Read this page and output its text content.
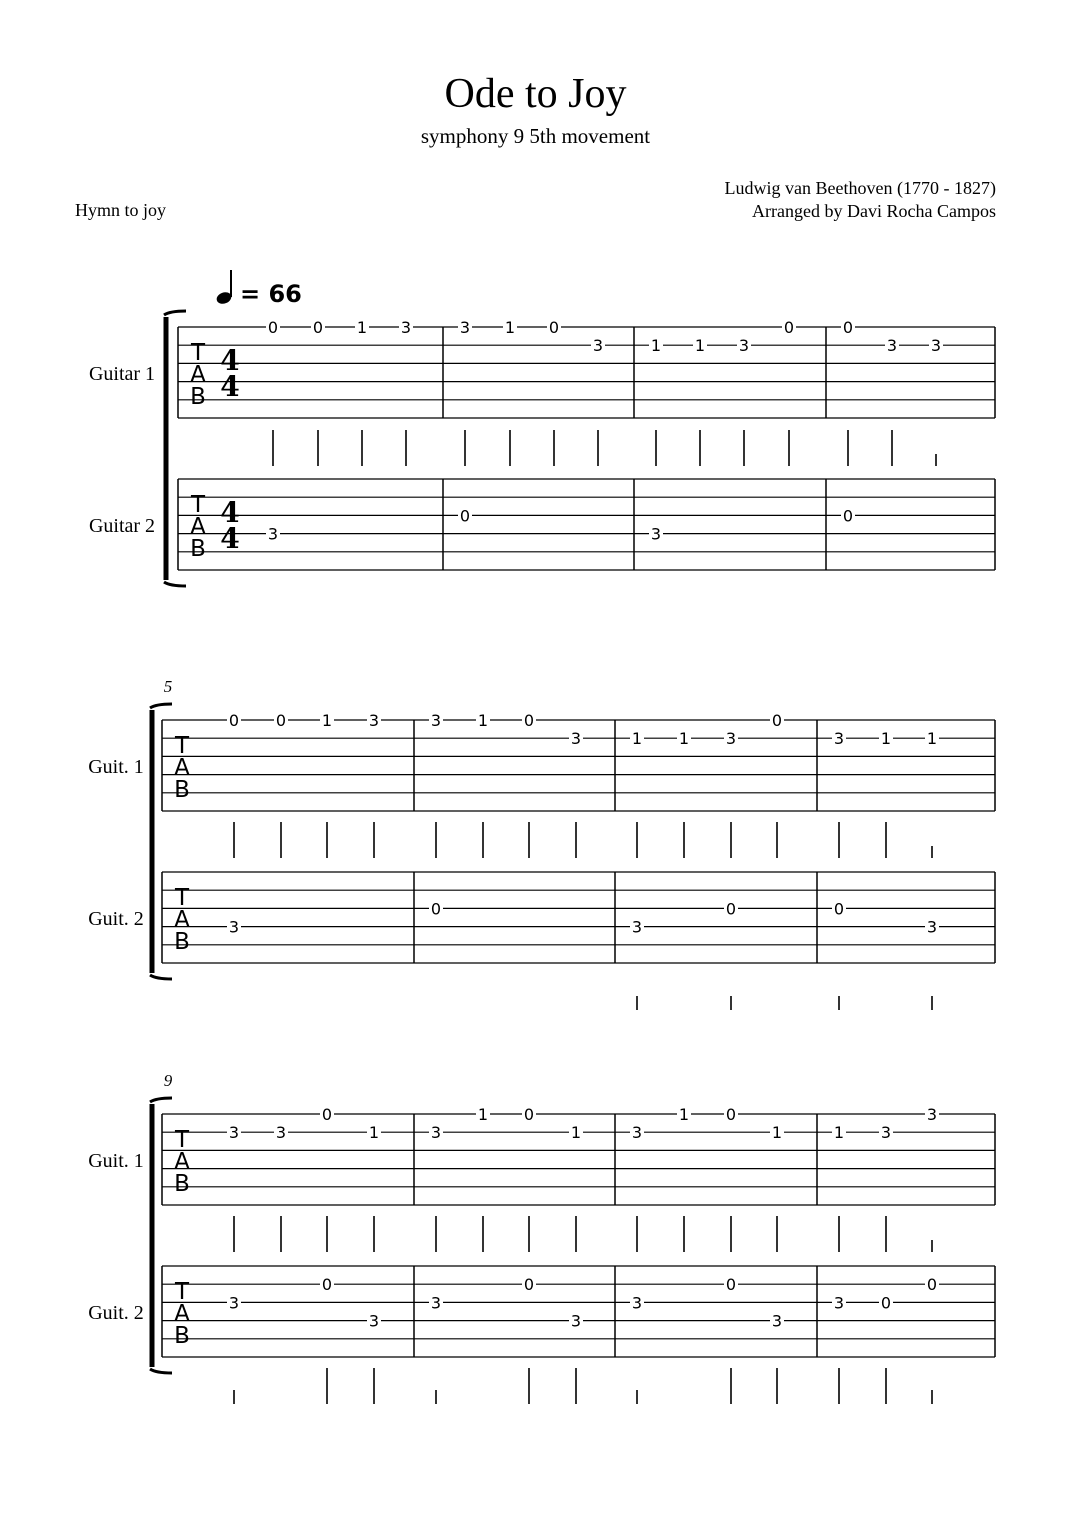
Ode to Joy
symphony 9 5th movement
Ludwig van Beethoven (1770 - 1827)
Arranged by Davi Rocha Campos
Hymn to joy
= 66
Guitar 1
Guitar 2
T
A
B
T
A
B
4
4
4
4
0 0 1 3
3
3 1 0
3
0
1 1 3
0
3
0
3 3
0
5
Guit. 1
Guit. 2
T
A
B
T
A
B
0 0 1 3
3
3 1 0
3
0
1 1 3
0
3
0
3 1 1
0
3
9
Guit. 1
Guit. 2
T
A
B
T
A
B
3 3
0
1
3
0
3
3
1 0
1
3
0
3
3
1 0
1
3
0
3
1 3
3
3 0
0
